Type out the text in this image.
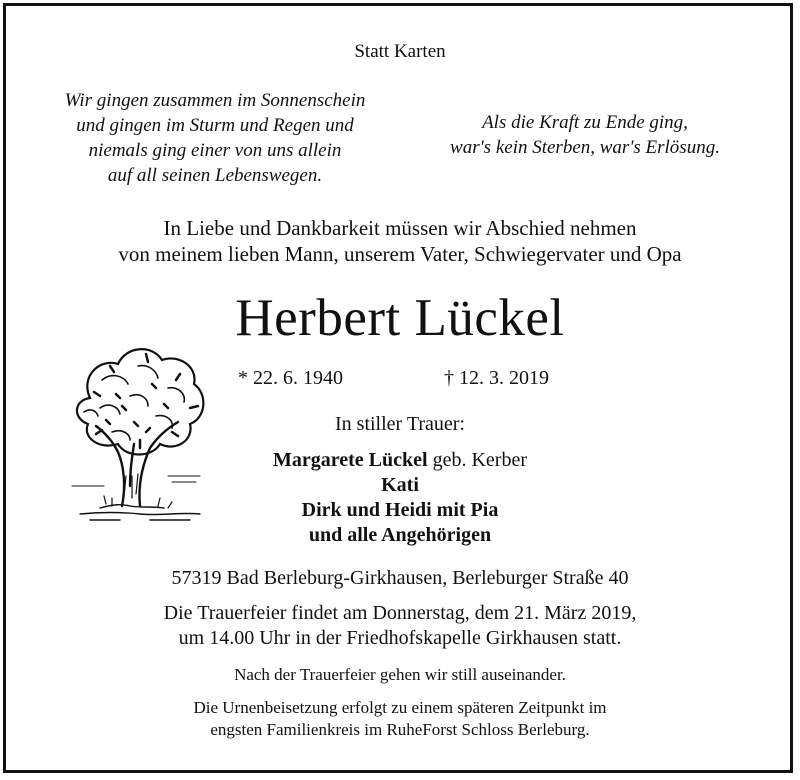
Statt Karten
Wir gingen zusammen im Sonnenschein
und gingen im Sturm und Regen und
niemals ging einer von uns allein
auf all seinen Lebenswegen.
Als die Kraft zu Ende ging,
war's kein Sterben, war's Erlösung.
In Liebe und Dankbarkeit müssen wir Abschied nehmen
von meinem lieben Mann, unserem Vater, Schwiegervater und Opa
Herbert Lückel
* 22. 6. 1940	† 12. 3. 2019
In stiller Trauer:
Margarete Lückel geb. Kerber
Kati
Dirk und Heidi mit Pia
und alle Angehörigen
57319 Bad Berleburg-Girkhausen, Berleburger Straße 40
Die Trauerfeier findet am Donnerstag, dem 21. März 2019,
um 14.00 Uhr in der Friedhofskapelle Girkhausen statt.
Nach der Trauerfeier gehen wir still auseinander.
Die Urnenbeisetzung erfolgt zu einem späteren Zeitpunkt im
engsten Familienkreis im RuheForst Schloss Berleburg.
